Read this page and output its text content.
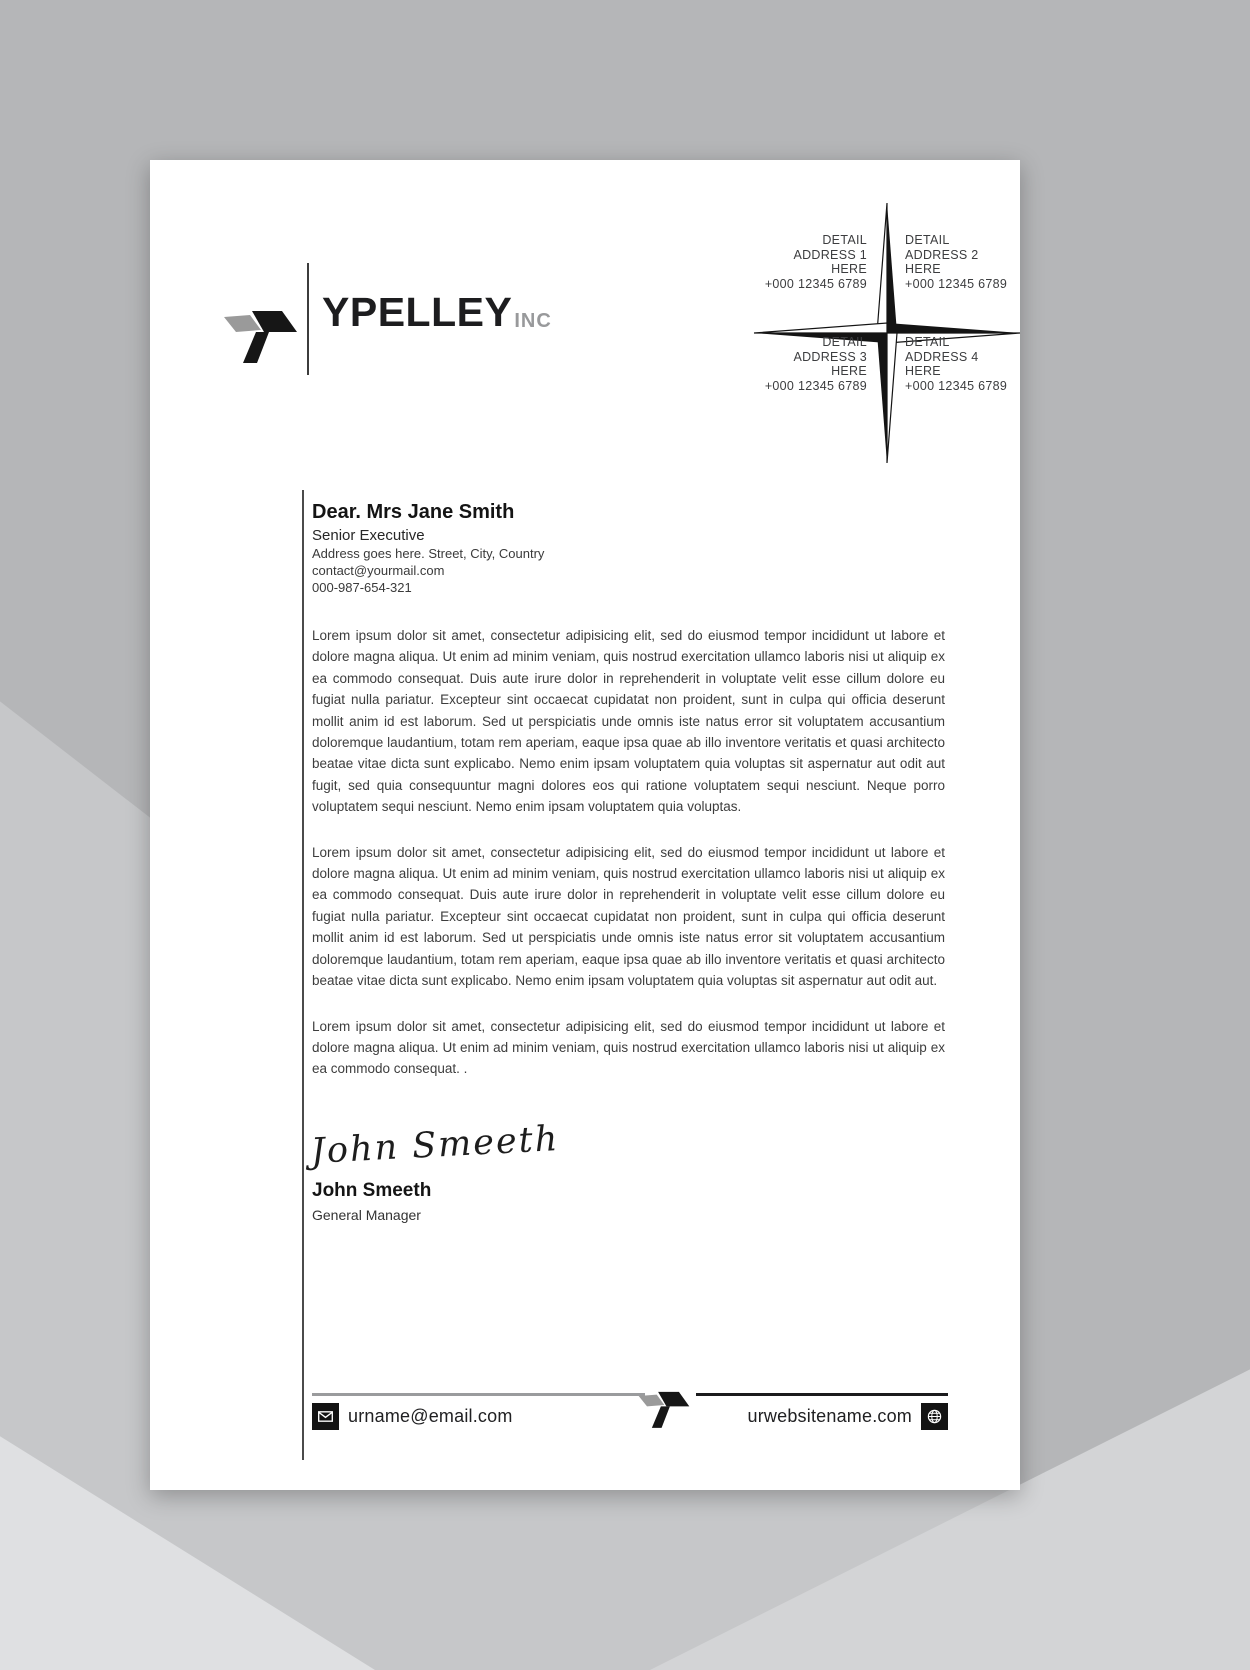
YPELLEY INC
DETAIL
ADDRESS 1
HERE
+000 12345 6789
DETAIL
ADDRESS 2
HERE
+000 12345 6789
DETAIL
ADDRESS 3
HERE
+000 12345 6789
DETAIL
ADDRESS 4
HERE
+000 12345 6789
Dear. Mrs Jane Smith
Senior Executive
Address goes here. Street, City, Country
contact@yourmail.com
000-987-654-321

Lorem ipsum dolor sit amet, consectetur adipisicing elit, sed do eiusmod tempor incididunt ut labore et dolore magna aliqua. Ut enim ad minim veniam, quis nostrud exercitation ullamco laboris nisi ut aliquip ex ea commodo consequat. Duis aute irure dolor in reprehenderit in voluptate velit esse cillum dolore eu fugiat nulla pariatur. Excepteur sint occaecat cupidatat non proident, sunt in culpa qui officia deserunt mollit anim id est laborum. Sed ut perspiciatis unde omnis iste natus error sit voluptatem accusantium doloremque laudantium, totam rem aperiam, eaque ipsa quae ab illo inventore veritatis et quasi architecto beatae vitae dicta sunt explicabo. Nemo enim ipsam voluptatem quia voluptas sit aspernatur aut odit aut fugit, sed quia consequuntur magni dolores eos qui ratione voluptatem sequi nesciunt. Neque porro voluptatem sequi nesciunt. Nemo enim ipsam voluptatem quia voluptas.

Lorem ipsum dolor sit amet, consectetur adipisicing elit, sed do eiusmod tempor incididunt ut labore et dolore magna aliqua. Ut enim ad minim veniam, quis nostrud exercitation ullamco laboris nisi ut aliquip ex ea commodo consequat. Duis aute irure dolor in reprehenderit in voluptate velit esse cillum dolore eu fugiat nulla pariatur. Excepteur sint occaecat cupidatat non proident, sunt in culpa qui officia deserunt mollit anim id est laborum. Sed ut perspiciatis unde omnis iste natus error sit voluptatem accusantium doloremque laudantium, totam rem aperiam, eaque ipsa quae ab illo inventore veritatis et quasi architecto beatae vitae dicta sunt explicabo. Nemo enim ipsam voluptatem quia voluptas sit aspernatur aut odit aut.

Lorem ipsum dolor sit amet, consectetur adipisicing elit, sed do eiusmod tempor incididunt ut labore et dolore magna aliqua. Ut enim ad minim veniam, quis nostrud exercitation ullamco laboris nisi ut aliquip ex ea commodo consequat. .

John Smeeth
John Smeeth
General Manager
urname@email.com	urwebsitename.com
